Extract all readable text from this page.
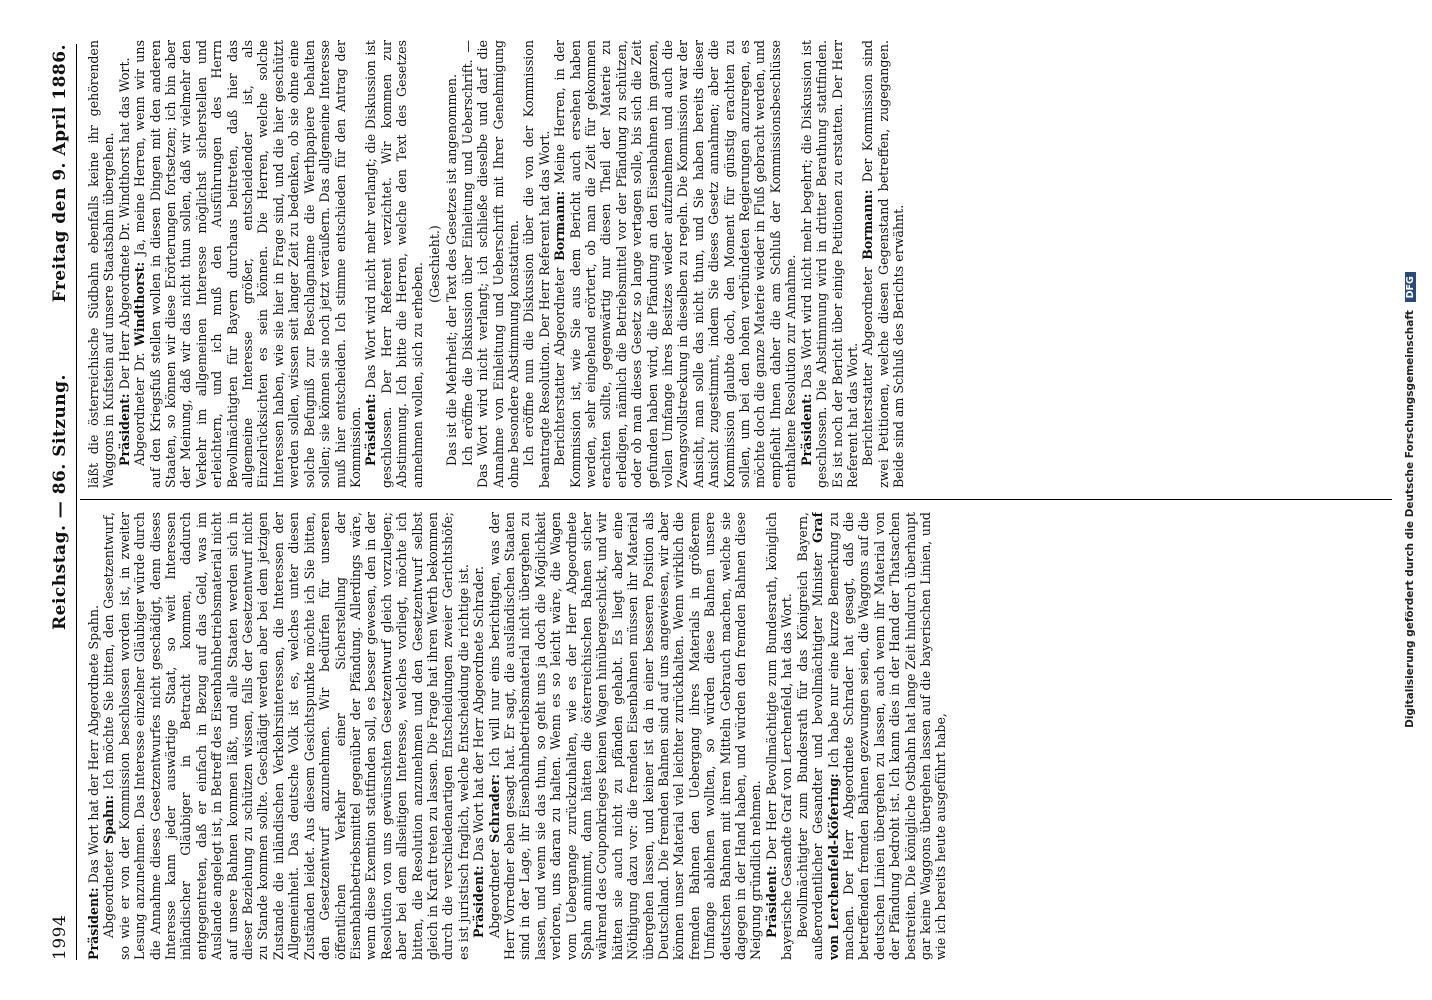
1994
Reichstag. — 86. Sitzung.
Freitag den 9. April 1886.

Präsident: Das Wort hat der Herr Abgeordnete Spahn.

Abgeordneter Spahn: Ich möchte Sie bitten, den Gesetzentwurf, so wie er von der Kommission beschlossen worden ist, in zweiter Lesung anzunehmen. Das Interesse einzelner Gläubiger würde durch die Annahme dieses Gesetzentwurfes nicht geschädigt, denn dieses Interesse kann jeder auswärtige Staat, so weit Interessen inländischer Gläubiger in Betracht kommen, dadurch entgegentreten, daß er einfach in Bezug auf das Geld, was im Auslande angelegt ist, in Betreff des Eisenbahnbetriebsmaterial nicht auf unsere Bahnen kommen läßt, und alle Staaten werden sich in dieser Beziehung zu schützen wissen, falls der Gesetzentwurf nicht zu Stande kommen sollte. Geschädigt werden aber bei dem jetzigen Zustande die inländischen Verkehrsinteressen, die Interessen der Allgemeinheit. Das deutsche Volk ist es, welches unter diesen Zuständen leidet. Aus diesem Gesichtspunkte möchte ich Sie bitten, den Gesetzentwurf anzunehmen. Wir bedürfen für unseren öffentlichen Verkehr einer Sicherstellung der Eisenbahnbetriebsmittel gegenüber der Pfändung. Allerdings wäre, wenn diese Exemtion stattfinden soll, es besser gewesen, den in der Resolution von uns gewünschten Gesetzentwurf gleich vorzulegen; aber bei dem allseitigen Interesse, welches vorliegt, möchte ich bitten, die Resolution anzunehmen und den Gesetzentwurf selbst gleich in Kraft treten zu lassen. Die Frage hat ihren Werth bekommen durch die verschiedenartigen Entscheidungen zweier Gerichtshöfe; es ist juristisch fraglich, welche Entscheidung die richtige ist. Präsident: Das Wort hat der Herr Abgeordnete Schrader.

Abgeordneter Schrader: Ich will nur eins berichtigen, was der Herr Vorredner eben gesagt hat. Er sagt, die ausländischen Staaten sind in der Lage, ihr Eisenbahnbetriebsmaterial nicht übergehen zu lassen, und wenn sie das thun, so geht uns ja doch die Möglichkeit verloren, uns daran zu halten. Wenn es so leicht wäre, die Wagen vom Uebergange zurückzuhalten, wie es der Herr Abgeordnete Spahn annimmt, dann hätten die österreichischen Bahnen sicher während des Couponkrieges keinen Wagen hinübergeschickt, und wir hätten sie auch nicht zu pfänden gehabt. Es liegt aber eine Nöthigung dazu vor: die fremden Eisenbahnen müssen ihr Material übergehen lassen, und keiner ist da in einer besseren Position als Deutschland. Die fremden Bahnen sind auf uns angewiesen, wir aber können unser Material viel leichter zurückhalten. Wenn wirklich die fremden Bahnen den Uebergang ihres Materials in größerem Umfange ablehnen wollten, so würden diese Bahnen unsere deutschen Bahnen mit ihren Mitteln Gebrauch machen, welche sie dagegen in der Hand haben, und würden den fremden Bahnen diese Neigung gründlich nehmen. Präsident: Der Herr Bevollmächtigte zum Bundesrath, königlich bayerische Gesandte Graf von Lerchenfeld, hat das Wort. Bevollmächtigter zum Bundesrath für das Königreich Bayern, außerordentlicher Gesandter und bevollmächtigter Minister Graf von Lerchenfeld-Köfering: Ich habe nur eine kurze Bemerkung zu machen. Der Herr Abgeordnete Schrader hat gesagt, daß die betreffenden fremden Bahnen gezwungen seien, die Waggons auf die deutschen Linien übergehen zu lassen, auch wenn ihr Material von der Pfändung bedroht ist. Ich kann dies in der Hand der Thatsachen bestreiten. Die königliche Ostbahn hat lange Zeit hindurch überhaupt gar keine Waggons übergehen lassen auf die bayerischen Linien, und wie ich bereits heute ausgeführt habe,

läßt die österreichische Südbahn ebenfalls keine ihr gehörenden Waggons in Kufstein auf unsere Staatsbahn übergehen. Präsident: Der Herr Abgeordnete Dr. Windthorst hat das Wort.

Abgeordneter Dr. Windthorst: Ja, meine Herren, wenn wir uns auf den Kriegsfuß stellen wollen in diesen Dingen mit den anderen Staaten, so können wir diese Erörterungen fortsetzen; ich bin aber der Meinung, daß wir das nicht thun sollen, daß wir vielmehr den Verkehr im allgemeinen Interesse möglichst sicherstellen und erleichtern, und ich muß den Ausführungen des Herrn Bevollmächtigten für Bayern durchaus beitreten, daß hier das allgemeine Interesse größer, entscheidender ist, als Einzelrücksichten es sein können. Die Herren, welche solche Interessen haben, wie sie hier in Frage sind, und die hier geschützt werden sollen, wissen seit langer Zeit zu bedenken, ob sie ohne eine solche Befugniß zur Beschlagnahme die Werthpapiere behalten sollen; sie können sie noch jetzt veräußern. Das allgemeine Interesse muß hier entscheiden. Ich stimme entschieden für den Antrag der Kommission. Präsident: Das Wort wird nicht mehr verlangt; die Diskussion ist geschlossen. Der Herr Referent verzichtet. Wir kommen zur Abstimmung. Ich bitte die Herren, welche den Text des Gesetzes annehmen wollen, sich zu erheben. (Geschieht.) Das ist die Mehrheit; der Text des Gesetzes ist angenommen. Ich eröffne die Diskussion über Einleitung und Ueberschrift. — Das Wort wird nicht verlangt; ich schließe dieselbe und darf die Annahme von Einleitung und Ueberschrift mit Ihrer Genehmigung ohne besondere Abstimmung konstatiren. Ich eröffne nun die Diskussion über die von der Kommission beantragte Resolution. Der Herr Referent hat das Wort. Berichterstatter Abgeordneter Bormann: Meine Herren, in der Kommission ist, wie Sie aus dem Bericht auch ersehen haben werden, sehr eingehend erörtert, ob man die Zeit für gekommen erachten sollte, gegenwärtig nur diesen Theil der Materie zu erledigen, nämlich die Betriebsmittel vor der Pfändung zu schützen, oder ob man dieses Gesetz so lange vertagen solle, bis sich die Zeit gefunden haben wird, die Pfändung an den Eisenbahnen im ganzen, vollen Umfange ihres Besitzes wieder aufzunehmen und auch die Zwangsvollstreckung in dieselben zu regeln. Die Kommission war der Ansicht, man solle das nicht thun, und Sie haben bereits dieser Ansicht zugestimmt, indem Sie dieses Gesetz annahmen; aber die Kommission glaubte doch, den Moment für günstig erachten zu sollen, um bei den hohen verbündeten Regierungen anzuregen, es möchte doch die ganze Materie wieder in Fluß gebracht werden, und empfiehlt Ihnen daher die am Schluß der Kommissionsbeschlüsse enthaltene Resolution zur Annahme. Präsident: Das Wort wird nicht mehr begehrt; die Diskussion ist geschlossen. Die Abstimmung wird in dritter Berathung stattfinden. Es ist noch der Bericht über einige Petitionen zu erstatten. Der Herr Referent hat das Wort. Berichterstatter Abgeordneter Bormann: Der Kommission sind zwei Petitionen, welche diesen Gegenstand betreffen, zugegangen. Beide sind am Schluß des Berichts erwähnt.	Digitalisierung gefördert durch die Deutsche Forschungsgemeinschaft DFG
